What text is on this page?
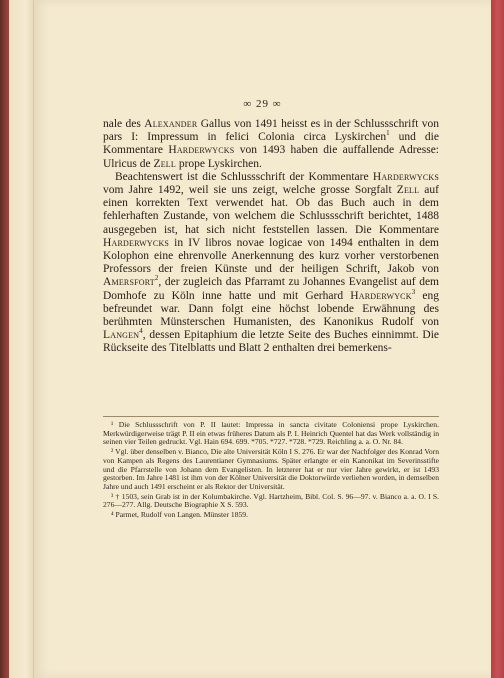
∞ 29 ∞

nale des Alexander Gallus von 1491 heisst es in der Schlussschrift von pars I: Impressum in felici Colonia circa Lyskirchen$^1$ und die Kommentare Harderwycks von 1493 haben die auffallende Adresse: Ulricus de Zell prope Lyskirchen.

Beachtenswert ist die Schlussschrift der Kommentare Harderwycks vom Jahre 1492, weil sie uns zeigt, welche grosse Sorgfalt Zell auf einen korrekten Text verwendet hat. Ob das Buch auch in dem fehlerhaften Zustande, von welchem die Schlussschrift berichtet, 1488 ausgegeben ist, hat sich nicht feststellen lassen. Die Kommentare Harderwycks in IV libros novae logicae von 1494 enthalten in dem Kolophon eine ehrenvolle Anerkennung des kurz vorher verstorbenen Professors der freien Künste und der heiligen Schrift, Jakob von Amersfort$^2$, der zugleich das Pfarramt zu Johannes Evangelist auf dem Domhofe zu Köln inne hatte und mit Gerhard Harderwyck$^3$ eng befreundet war. Dann folgt eine höchst lobende Erwähnung des berühmten Münsterschen Humanisten, des Kanonikus Rudolf von Langen$^4$, dessen Epitaphium die letzte Seite des Buches einnimmt. Die Rückseite des Titelblatts und Blatt 2 enthalten drei bemerkens-

¹ Die Schlussschrift von P. II lautet: Impressa in sancta civitate Coloniensi prope Lyskirchen. Merkwürdigerweise trägt P. II ein etwas früheres Datum als P. I. Heinrich Quentel hat das Werk vollständig in seinen vier Teilen gedruckt. Vgl. Hain 694. 699. *705. *727. *728. *729. Reichling a. a. O. Nr. 84.

² Vgl. über denselben v. Bianco, Die alte Universität Köln I S. 276. Er war der Nachfolger des Konrad Vorn von Kampen als Regens des Laurentianer Gymnasiums. Später erlangte er ein Kanonikat im Severinsstifte und die Pfarrstelle von Johann dem Evangelisten. In letzterer hat er nur vier Jahre gewirkt, er ist 1493 gestorben. Im Jahre 1481 ist ihm von der Kölner Universität die Doktorwürde verliehen worden, in demselben Jahre und auch 1491 erscheint er als Rektor der Universität.

³ † 1503, sein Grab ist in der Kolumbakirche. Vgl. Hartzheim, Bibl. Col. S. 96—97. v. Bianco a. a. O. I S. 276—277. Allg. Deutsche Biographie X S. 593.

⁴ Parmet, Rudolf von Langen. Münster 1859.
